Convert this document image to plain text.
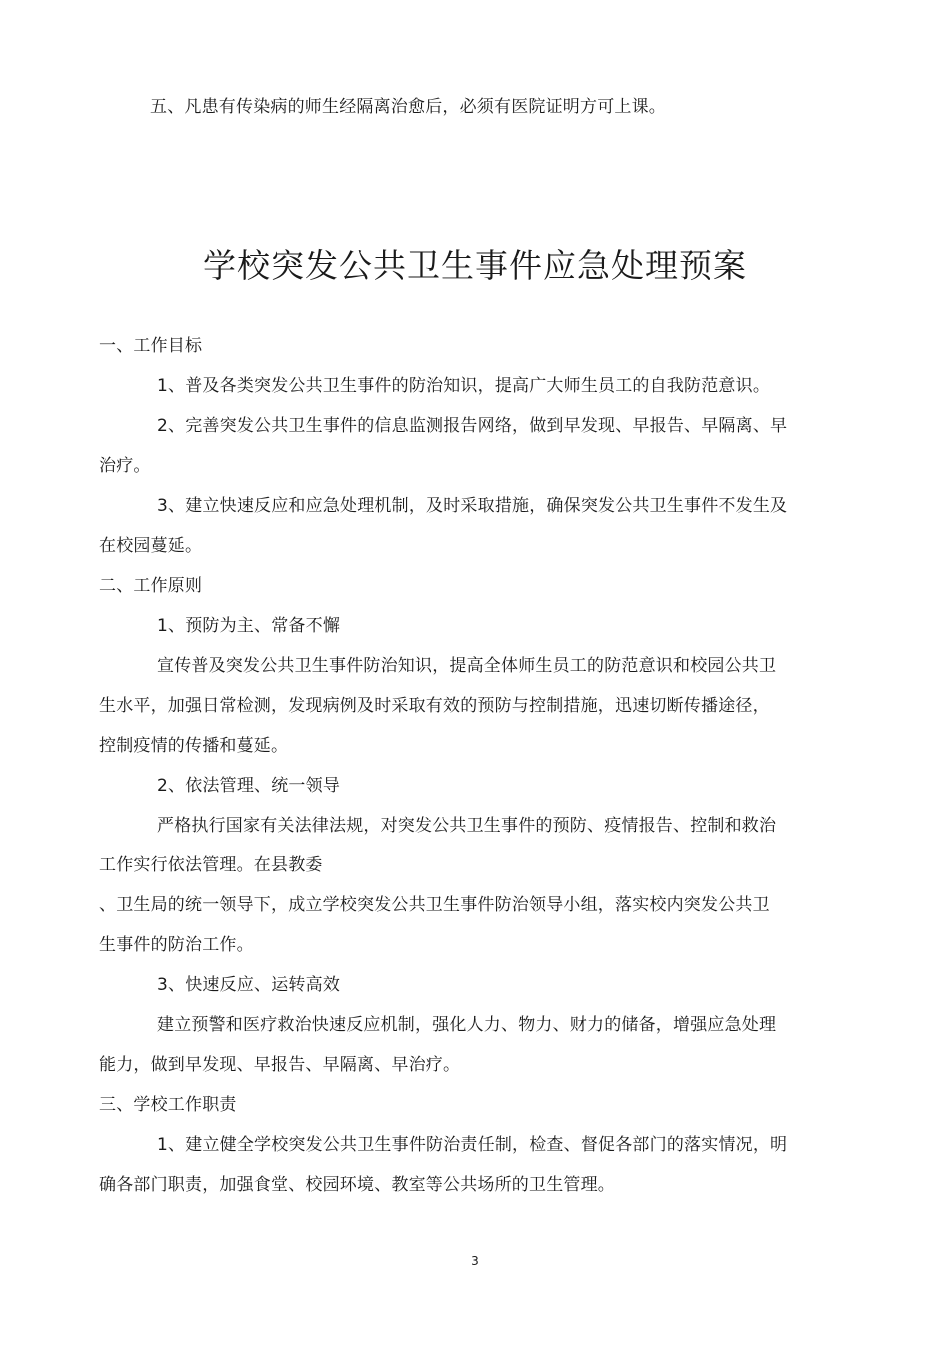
五、凡患有传染病的师生经隔离治愈后，必须有医院证明方可上课。
学校突发公共卫生事件应急处理预案
一、工作目标
1、普及各类突发公共卫生事件的防治知识，提高广大师生员工的自我防范意识。
2、完善突发公共卫生事件的信息监测报告网络，做到早发现、早报告、早隔离、早
治疗。
3、建立快速反应和应急处理机制，及时采取措施，确保突发公共卫生事件不发生及
在校园蔓延。
二、工作原则
1、预防为主、常备不懈
宣传普及突发公共卫生事件防治知识，提高全体师生员工的防范意识和校园公共卫
生水平，加强日常检测，发现病例及时采取有效的预防与控制措施，迅速切断传播途径，
控制疫情的传播和蔓延。
2、依法管理、统一领导
严格执行国家有关法律法规，对突发公共卫生事件的预防、疫情报告、控制和救治
工作实行依法管理。在县教委
、卫生局的统一领导下，成立学校突发公共卫生事件防治领导小组，落实校内突发公共卫
生事件的防治工作。
3、快速反应、运转高效
建立预警和医疗救治快速反应机制，强化人力、物力、财力的储备，增强应急处理
能力，做到早发现、早报告、早隔离、早治疗。
三、学校工作职责
1、建立健全学校突发公共卫生事件防治责任制，检查、督促各部门的落实情况，明
确各部门职责，加强食堂、校园环境、教室等公共场所的卫生管理。
3
